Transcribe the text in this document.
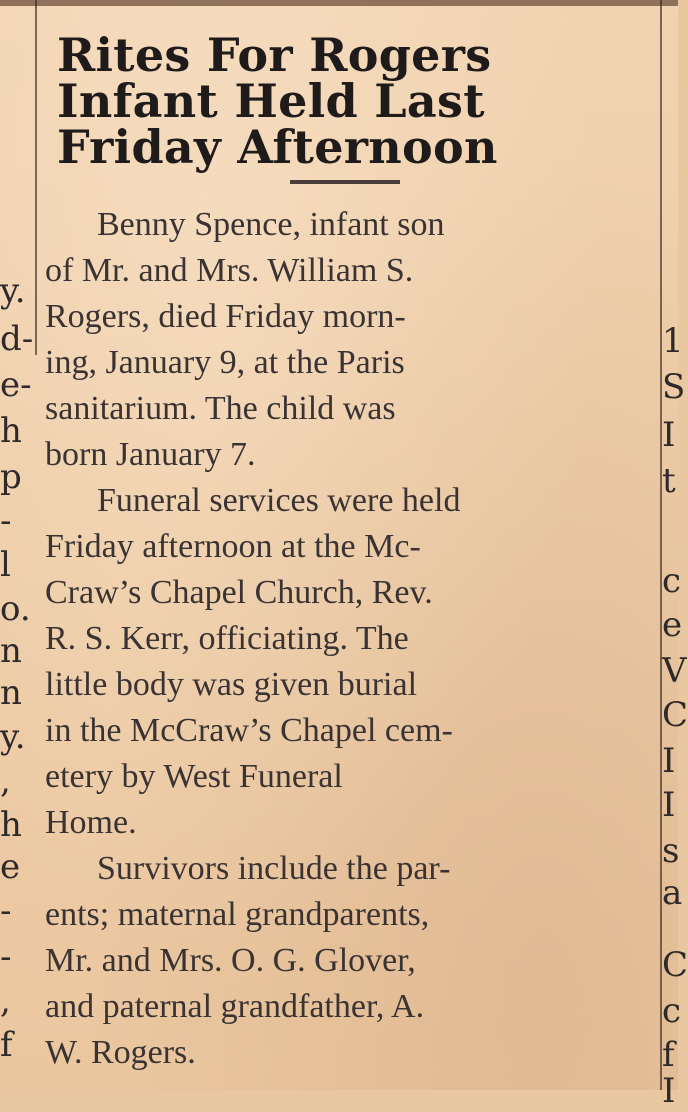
y.
d-
e-
h
p
-
l
o.
n
n
y.
,
h
e
-
-
,
f
1
S
I
t
c
e
V
C
I
I
s
a
C
c
f
I
Rites For Rogers
Infant Held Last
Friday Afternoon
Benny Spence, infant son
of Mr. and Mrs. William S.
Rogers, died Friday morn-
ing, January 9, at the Paris
sanitarium. The child was
born January 7.
Funeral services were held
Friday afternoon at the Mc-
Craw’s Chapel Church, Rev.
R. S. Kerr, officiating. The
little body was given burial
in the McCraw’s Chapel cem-
etery by West Funeral
Home.
Survivors include the par-
ents; maternal grandparents,
Mr. and Mrs. O. G. Glover,
and paternal grandfather, A.
W. Rogers.
